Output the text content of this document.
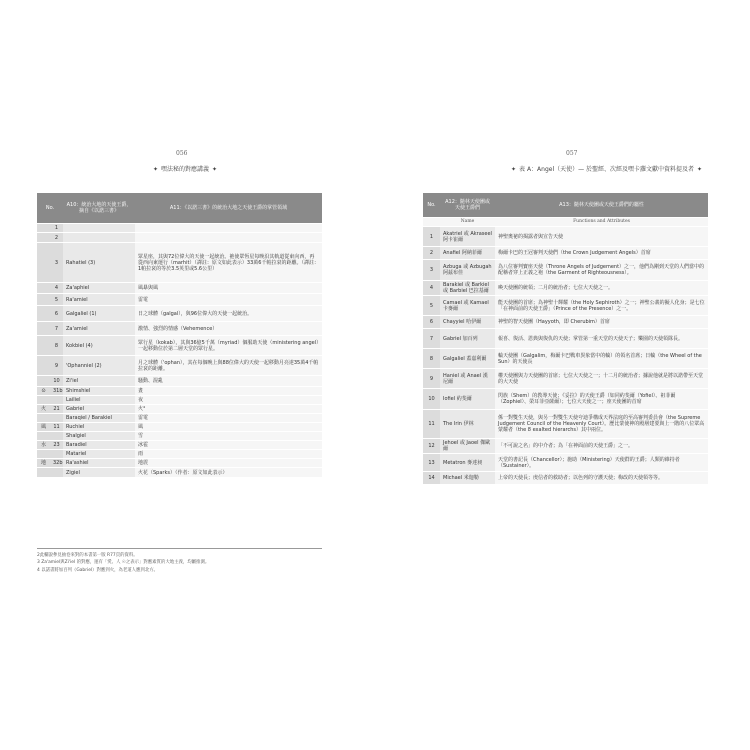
056
✦ 嘿法秘的對應講義 ✦
No.		A10：統治大地的天使王爵，摘自《以諾三書》	A11：《以諾三書》的統治大地之天使王爵的掌管領域
	1		
	2		
	3	Rahatiel (3)	眾星座，其與72位偉大的天使一起統治。祂使眾恆星每晚沿其軌道從東向西，再從西向東運行（marhit）（譯註：原文如此表示）33萬6千帕拉袞的距離。（譯註：1帕拉袞的等於3.5英里或5.6公里）
	4	Za'aphiel	風暴與風
	5	Ra'amiel	雷電
	6	Galgaliel (1)	日之球體（galgal），與96位偉大的天使一起統治。
	7	Za'amiel	激情、強烈的情感（Vehemence）
	8	Kokbiel (4)	眾行星（kokab），其與36億5千萬（myriad）個服助天使（ministering angel）一起移動位於第二層天堂的眾行星。
	9	'Ophanniel (2)	月之球體（'ophan），其在每個晚上與88位偉大的天使一起移動月亮達35萬4千帕拉袞的距離。
	10	Zi'iel	騷動、混亂
⊙	31b	Shimshiel	晝
		Lailiel	夜
火	21	Gabriel	火⁴
		Baraqiel / Barakiel	雷電
風	11	Ruchiel	風
		Shalgiel	雪
水	23	Baradiel	冰雹
		Matariel	雨
地	32b	Ra'ashiel	地震
		Zigiel	火花（Sparks）（作者：原文如此表示）
2此欄說參見抽卷來對的本書第一版 R77頁的資料。
3 Za'amiel與Zi'iel 的對應，運有「愛、人 ☉之表示」對應素質的大地主義，均屬推測。
4 以諾書將加百列（Gabriel）對應到火，為老道人應到北方。
057
✦ 表 A：Angel（天使）— 於聖經、次經及嘿卡蘿文獻中資料提及者 ✦
No.	A12：隨林天使團或天使王爵們	A13：隨林天使團或天使王爵們的屬性
	Name	Functions and Attributes
1	Akatriel 或 Akraseel 阿卡崔爾	神聖奧祕的揭露者與宣告天使
2	Anafiel 阿納菲爾	梅爾卡巴的王冠審判天使們（the Crown Judgement Angels）首席
3	Azbuga 或 Azbugah 阿茲布佳	為八位審判寶座天使（Throne Angels of Judgement）之一，他們為剛到天堂的人們當中的配稱者穿上正義之袍（the Garment of Righteousness）。
4	Barakiel 或 Barkiel 或 Barbiel 巴拉基爾	喚天使團的統領；二月的統治者；七位大天使之一。
5	Camael 或 Kamael 卡麥爾	能天使團的首席；為神聖十輝耀（the Holy Sephiroth）之一；神聖公義的擬人化身；是七位「在神面前的天使王爵」（Prince of the Presence）之一。
6	Chayyiel 哈伊爾	神聖的智天使團（Hayyoth，即 Cherubim）首席
7	Gabriel 加百列	報喜、復活、恩典與復仇的天使；掌管第一重天堂的天使天子；樂園的天使領隊長。
8	Galgaliel 蓋嘉利爾	輪天使團（Galgalim，梅爾卡巴戰車異象當中的輪）的領名首席；日輪（the Wheel of the Sun）的天使長
9	Haniel 或 Anael 漢尼爾	權天使團與力天使團的首席；七位大天使之一；十二月的統治者；據說他就是將以諾帶至天堂的大天使
10	Iofiel 約斐爾	閃族（Shem）的教導天使；《妥拉》的天使王爵（如同約斐爾（Yofiel）、祖菲爾（Zophiel）、榮耳菲亞薩爾）；七位大天使之一；座天使團的首席
11	The Irin 伊林	係一對雙生天使，與另一對雙生天使夸迪爭構成天界法庭的至高審判委員會（the Supreme Judgement Council of the Heavenly Court）。歷比蒙使神的殿層建要與上一階的八位眾高蒙耀者（the 8 exalted hierarchs）其中兩位。
12	Jehoel 或 Jaoel 傑歐爾	「不可說之名」的中介者；為「在神面前的天使王爵」之一。
13	Metatron 麥達昶	天堂的書記長（Chancellor）；施助（Ministering）天使群的王爵；人類的維持者（Sustainer）。
14	Michael 米迦勒	上帝的天使長；虔信者的救助者；以色列的守護天使；梅改的天使領等等。
